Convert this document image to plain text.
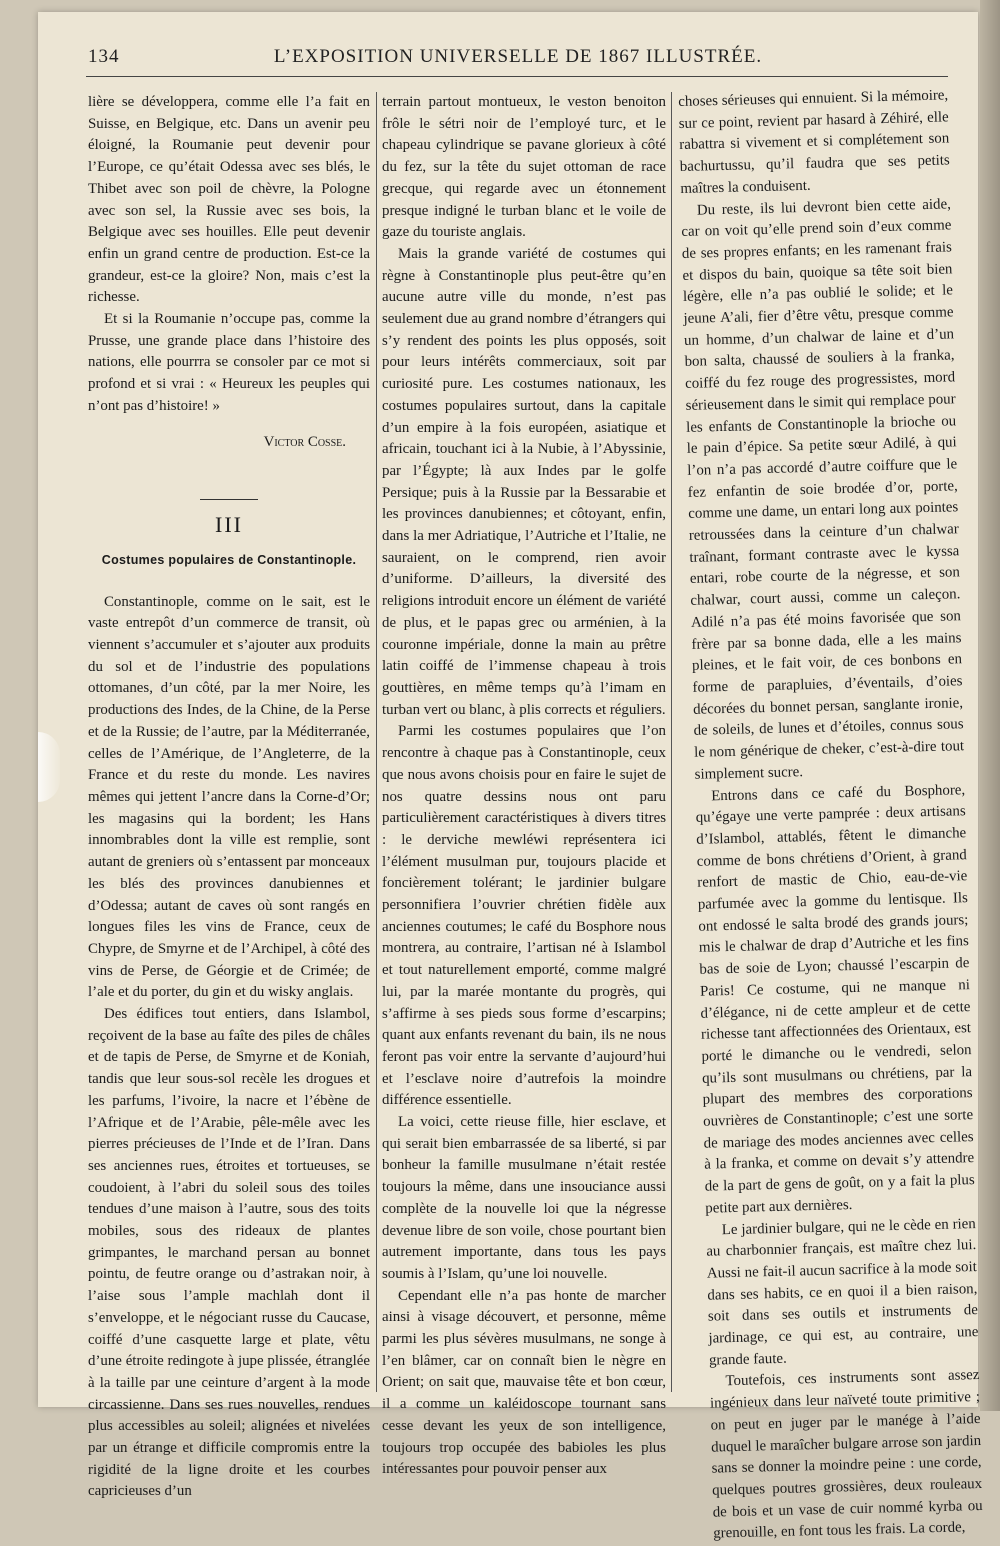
134	L’EXPOSITION UNIVERSELLE DE 1867 ILLUSTRÉE.

lière se développera, comme elle l’a fait en Suisse, en Belgique, etc. Dans un avenir peu éloigné, la Roumanie peut devenir pour l’Europe, ce qu’était Odessa avec ses blés, le Thibet avec son poil de chèvre, la Pologne avec son sel, la Russie avec ses bois, la Belgique avec ses houilles. Elle peut devenir enfin un grand centre de production. Est-ce la grandeur, est-ce la gloire? Non, mais c’est la richesse.

Et si la Roumanie n’occupe pas, comme la Prusse, une grande place dans l’histoire des nations, elle pourrra se consoler par ce mot si profond et si vrai : « Heureux les peuples qui n’ont pas d’histoire! »

Victor Cosse.
III
Costumes populaires de Constantinople.

Constantinople, comme on le sait, est le vaste entrepôt d’un commerce de transit, où viennent s’accumuler et s’ajouter aux produits du sol et de l’industrie des populations ottomanes, d’un côté, par la mer Noire, les productions des Indes, de la Chine, de la Perse et de la Russie; de l’autre, par la Méditerranée, celles de l’Amérique, de l’Angleterre, de la France et du reste du monde. Les navires mêmes qui jettent l’ancre dans la Corne-d’Or; les magasins qui la bordent; les Hans innombrables dont la ville est remplie, sont autant de greniers où s’entassent par monceaux les blés des provinces danubiennes et d’Odessa; autant de caves où sont rangés en longues files les vins de France, ceux de Chypre, de Smyrne et de l’Archipel, à côté des vins de Perse, de Géorgie et de Crimée; de l’ale et du porter, du gin et du wisky anglais.

Des édifices tout entiers, dans Islambol, reçoivent de la base au faîte des piles de châles et de tapis de Perse, de Smyrne et de Koniah, tandis que leur sous-sol recèle les drogues et les parfums, l’ivoire, la nacre et l’ébène de l’Afrique et de l’Arabie, pêle-mêle avec les pierres précieuses de l’Inde et de l’Iran. Dans ses anciennes rues, étroites et tortueuses, se coudoient, à l’abri du soleil sous des toiles tendues d’une maison à l’autre, sous des toits mobiles, sous des rideaux de plantes grimpantes, le marchand persan au bonnet pointu, de feutre orange ou d’astrakan noir, à l’aise sous l’ample machlah dont il s’enveloppe, et le négociant russe du Caucase, coiffé d’une casquette large et plate, vêtu d’une étroite redingote à jupe plissée, étranglée à la taille par une ceinture d’argent à la mode circassienne. Dans ses rues nouvelles, rendues plus accessibles au soleil; alignées et nivelées par un étrange et difficile compromis entre la rigidité de la ligne droite et les courbes capricieuses d’un

terrain partout montueux, le veston benoiton frôle le sétri noir de l’employé turc, et le chapeau cylindrique se pavane glorieux à côté du fez, sur la tête du sujet ottoman de race grecque, qui regarde avec un étonnement presque indigné le turban blanc et le voile de gaze du touriste anglais.

Mais la grande variété de costumes qui règne à Constantinople plus peut-être qu’en aucune autre ville du monde, n’est pas seulement due au grand nombre d’étrangers qui s’y rendent des points les plus opposés, soit pour leurs intérêts commerciaux, soit par curiosité pure. Les costumes nationaux, les costumes populaires surtout, dans la capitale d’un empire à la fois européen, asiatique et africain, touchant ici à la Nubie, à l’Abyssinie, par l’Égypte; là aux Indes par le golfe Persique; puis à la Russie par la Bessarabie et les provinces danubiennes; et côtoyant, enfin, dans la mer Adriatique, l’Autriche et l’Italie, ne sauraient, on le comprend, rien avoir d’uniforme. D’ailleurs, la diversité des religions introduit encore un élément de variété de plus, et le papas grec ou arménien, à la couronne impériale, donne la main au prêtre latin coiffé de l’immense chapeau à trois gouttières, en même temps qu’à l’imam en turban vert ou blanc, à plis corrects et réguliers.

Parmi les costumes populaires que l’on rencontre à chaque pas à Constantinople, ceux que nous avons choisis pour en faire le sujet de nos quatre dessins nous ont paru particulièrement caractéristiques à divers titres : le derviche mewléwi représentera ici l’élément musulman pur, toujours placide et foncièrement tolérant; le jardinier bulgare personnifiera l’ouvrier chrétien fidèle aux anciennes coutumes; le café du Bosphore nous montrera, au contraire, l’artisan né à Islambol et tout naturellement emporté, comme malgré lui, par la marée montante du progrès, qui s’affirme à ses pieds sous forme d’escarpins; quant aux enfants revenant du bain, ils ne nous feront pas voir entre la servante d’aujourd’hui et l’esclave noire d’autrefois la moindre différence essentielle.

La voici, cette rieuse fille, hier esclave, et qui serait bien embarrassée de sa liberté, si par bonheur la famille musulmane n’était restée toujours la même, dans une insouciance aussi complète de la nouvelle loi que la négresse devenue libre de son voile, chose pourtant bien autrement importante, dans tous les pays soumis à l’Islam, qu’une loi nouvelle.

Cependant elle n’a pas honte de marcher ainsi à visage découvert, et personne, même parmi les plus sévères musulmans, ne songe à l’en blâmer, car on connaît bien le nègre en Orient; on sait que, mauvaise tête et bon cœur, il a comme un kaléidoscope tournant sans cesse devant les yeux de son intelligence, toujours trop occupée des babioles les plus intéressantes pour pouvoir penser aux

choses sérieuses qui ennuient. Si la mémoire, sur ce point, revient par hasard à Zéhiré, elle rabattra si vivement et si complétement son bachurtussu, qu’il faudra que ses petits maîtres la conduisent.

Du reste, ils lui devront bien cette aide, car on voit qu’elle prend soin d’eux comme de ses propres enfants; en les ramenant frais et dispos du bain, quoique sa tête soit bien légère, elle n’a pas oublié le solide; et le jeune A’ali, fier d’être vêtu, presque comme un homme, d’un chalwar de laine et d’un bon salta, chaussé de souliers à la franka, coiffé du fez rouge des progressistes, mord sérieusement dans le simit qui remplace pour les enfants de Constantinople la brioche ou le pain d’épice. Sa petite sœur Adilé, à qui l’on n’a pas accordé d’autre coiffure que le fez enfantin de soie brodée d’or, porte, comme une dame, un entari long aux pointes retroussées dans la ceinture d’un chalwar traînant, formant contraste avec le kyssa entari, robe courte de la négresse, et son chalwar, court aussi, comme un caleçon. Adilé n’a pas été moins favorisée que son frère par sa bonne dada, elle a les mains pleines, et le fait voir, de ces bonbons en forme de parapluies, d’éventails, d’oies décorées du bonnet persan, sanglante ironie, de soleils, de lunes et d’étoiles, connus sous le nom générique de cheker, c’est-à-dire tout simplement sucre.

Entrons dans ce café du Bosphore, qu’égaye une verte pamprée : deux artisans d’Islambol, attablés, fêtent le dimanche comme de bons chrétiens d’Orient, à grand renfort de mastic de Chio, eau-de-vie parfumée avec la gomme du lentisque. Ils ont endossé le salta brodé des grands jours; mis le chalwar de drap d’Autriche et les fins bas de soie de Lyon; chaussé l’escarpin de Paris! Ce costume, qui ne manque ni d’élégance, ni de cette ampleur et de cette richesse tant affectionnées des Orientaux, est porté le dimanche ou le vendredi, selon qu’ils sont musulmans ou chrétiens, par la plupart des membres des corporations ouvrières de Constantinople; c’est une sorte de mariage des modes anciennes avec celles à la franka, et comme on devait s’y attendre de la part de gens de goût, on y a fait la plus petite part aux dernières.

Le jardinier bulgare, qui ne le cède en rien au charbonnier français, est maître chez lui. Aussi ne fait-il aucun sacrifice à la mode soit dans ses habits, ce en quoi il a bien raison, soit dans ses outils et instruments de jardinage, ce qui est, au contraire, une grande faute.

Toutefois, ces instruments sont assez ingénieux dans leur naïveté toute primitive ; on peut en juger par le manége à l’aide duquel le maraîcher bulgare arrose son jardin sans se donner la moindre peine : une corde, quelques poutres grossières, deux rouleaux de bois et un vase de cuir nommé kyrba ou grenouille, en font tous les frais. La corde,
